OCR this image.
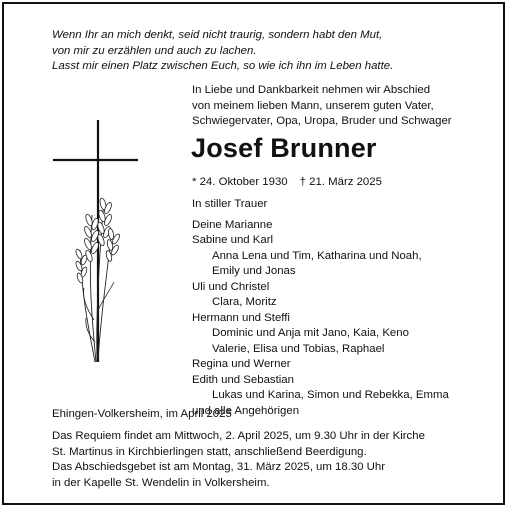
Wenn Ihr an mich denkt, seid nicht traurig, sondern habt den Mut,
von mir zu erzählen und auch zu lachen.
Lasst mir einen Platz zwischen Euch, so wie ich ihn im Leben hatte.
In Liebe und Dankbarkeit nehmen wir Abschied
von meinem lieben Mann, unserem guten Vater,
Schwiegervater, Opa, Uropa, Bruder und Schwager
Josef Brunner
* 24. Oktober 1930 † 21. März 2025
In stiller Trauer
Deine Marianne
Sabine und Karl
Anna Lena und Tim, Katharina und Noah,
Emily und Jonas
Uli und Christel
Clara, Moritz
Hermann und Steffi
Dominic und Anja mit Jano, Kaia, Keno
Valerie, Elisa und Tobias, Raphael
Regina und Werner
Edith und Sebastian
Lukas und Karina, Simon und Rebekka, Emma
und alle Angehörigen
Ehingen-Volkersheim, im April 2025
Das Requiem findet am Mittwoch, 2. April 2025, um 9.30 Uhr in der Kirche
St. Martinus in Kirchbierlingen statt, anschließend Beerdigung.
Das Abschiedsgebet ist am Montag, 31. März 2025, um 18.30 Uhr
in der Kapelle St. Wendelin in Volkersheim.
